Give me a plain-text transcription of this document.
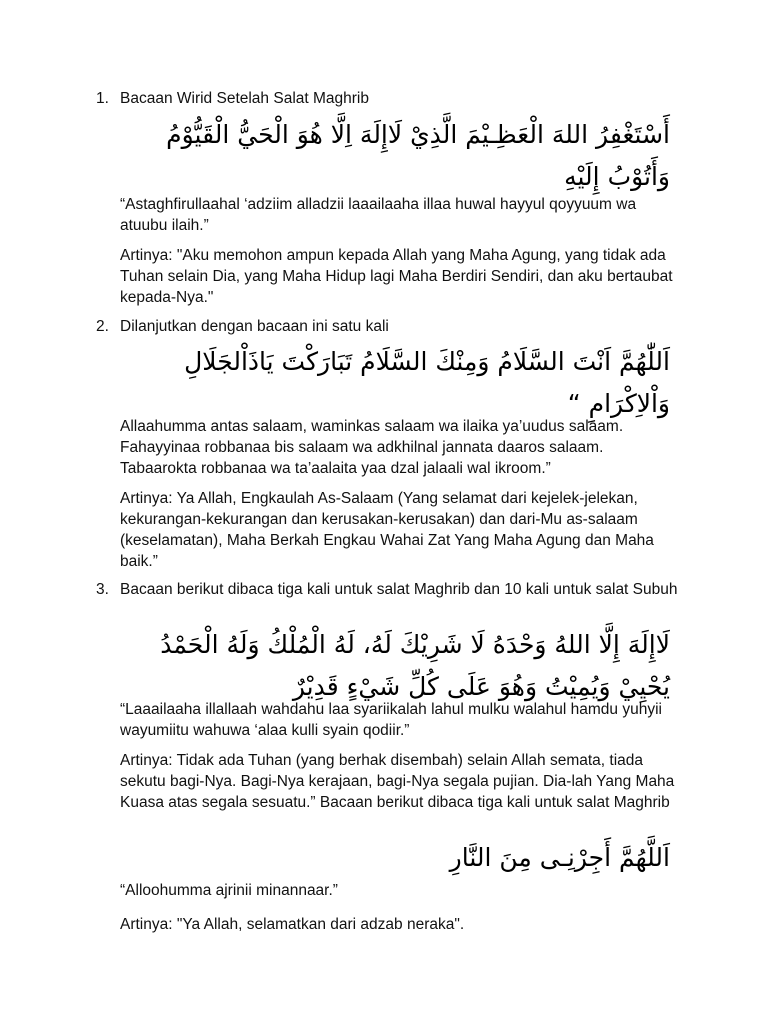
1. Bacaan Wirid Setelah Salat Maghrib
أَسْتَغْفِرُ اللهَ الْعَظِـيْمَ الَّذِيْ لَاإِلَهَ اِلَّا هُوَ الْحَيُّ الْقَيُّوْمُ وَأَتُوْبُ إِلَيْهِ
“Astaghfirullaahal ‘adziim alladzii laaailaaha illaa huwal hayyul qoyyuum wa atuubu ilaih.”
Artinya: "Aku memohon ampun kepada Allah yang Maha Agung, yang tidak ada Tuhan selain Dia, yang Maha Hidup lagi Maha Berdiri Sendiri, dan aku bertaubat kepada-Nya."
2. Dilanjutkan dengan bacaan ini satu kali
اَللّٰهُمَّ اَنْتَ السَّلَامُ وَمِنْكَ السَّلَامُ تَبَارَكْتَ يَاذَاْلجَلَالِ وَاْلاِكْرَامِ “
Allaahumma antas salaam, waminkas salaam wa ilaika ya’uudus salaam. Fahayyinaa robbanaa bis salaam wa adkhilnal jannata daaros salaam. Tabaarokta robbanaa wa ta’aalaita yaa dzal jalaali wal ikroom.”
Artinya: Ya Allah, Engkaulah As-Salaam (Yang selamat dari kejelek-jelekan, kekurangan-kekurangan dan kerusakan-kerusakan) dan dari-Mu as-salaam (keselamatan), Maha Berkah Engkau Wahai Zat Yang Maha Agung dan Maha baik.”
3. Bacaan berikut dibaca tiga kali untuk salat Maghrib dan 10 kali untuk salat Subuh
لَاإِلَهَ إِلَّا اللهُ وَحْدَهُ لَا شَرِيْكَ لَهُ، لَهُ الْمُلْكُ وَلَهُ الْحَمْدُ يُحْيِيْ وَيُمِيْتُ وَهُوَ عَلَى كُلِّ شَيْءٍ قَدِيْرٌ
“Laaailaaha illallaah wahdahu laa syariikalah lahul mulku walahul hamdu yuhyii wayumiitu wahuwa ‘alaa kulli syain qodiir.”
Artinya: Tidak ada Tuhan (yang berhak disembah) selain Allah semata, tiada sekutu bagi-Nya. Bagi-Nya kerajaan, bagi-Nya segala pujian. Dia-lah Yang Maha Kuasa atas segala sesuatu.” Bacaan berikut dibaca tiga kali untuk salat Maghrib
اَللَّهُمَّ أَجِرْنِـى مِنَ النَّارِ
“Alloohumma ajrinii minannaar.”
Artinya: "Ya Allah, selamatkan dari adzab neraka".
